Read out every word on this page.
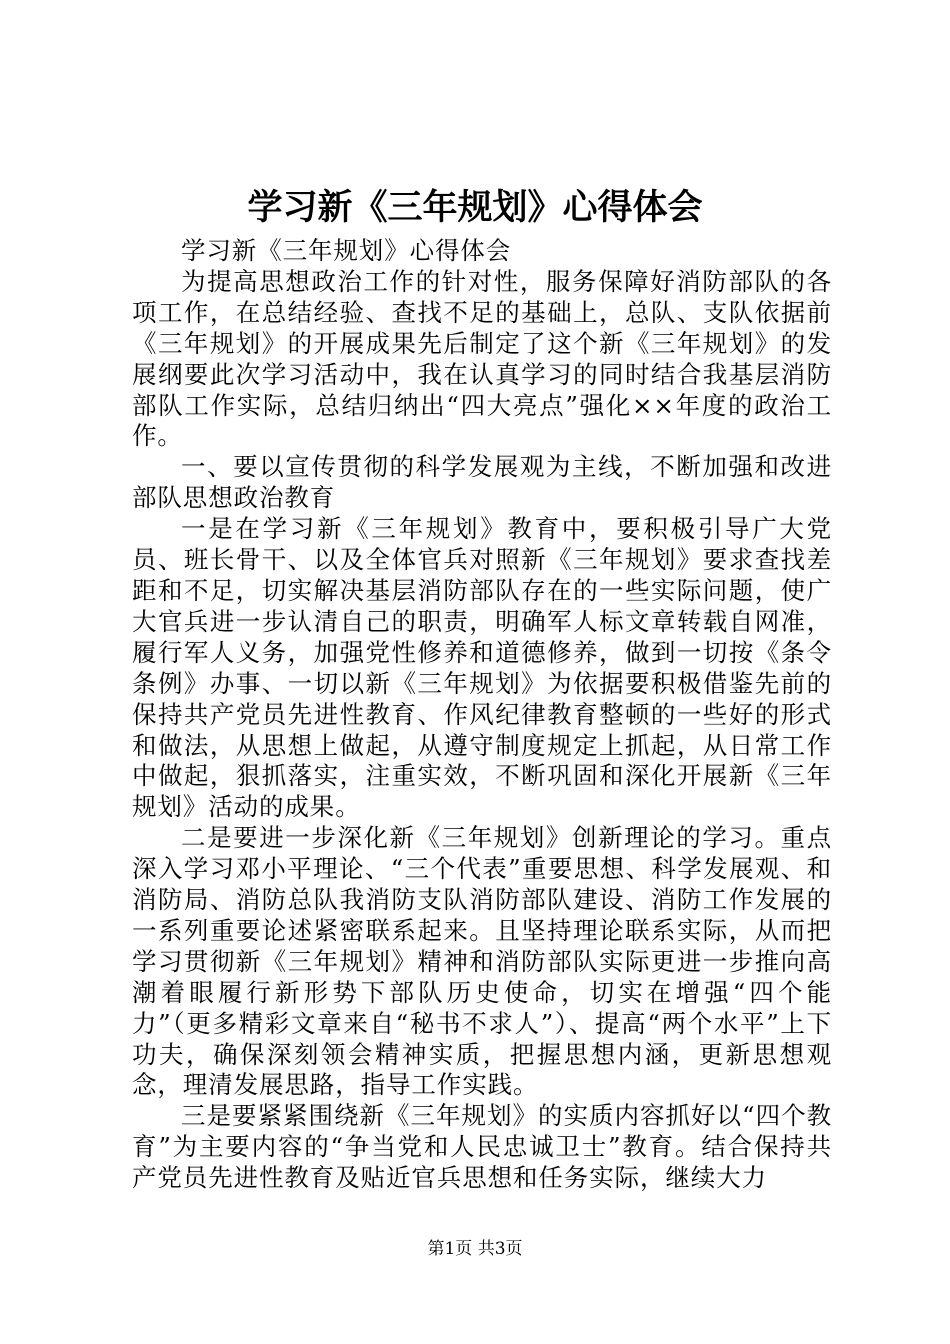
学习新《三年规划》心得体会

学习新《三年规划》心得体会

为提高思想政治工作的针对性，服务保障好消防部队的各项工作，在总结经验、查找不足的基础上，总队、支队依据前《三年规划》的开展成果先后制定了这个新《三年规划》的发展纲要此次学习活动中，我在认真学习的同时结合我基层消防部队工作实际，总结归纳出“四大亮点”强化××年度的政治工作。

一、要以宣传贯彻的科学发展观为主线，不断加强和改进部队思想政治教育

一是在学习新《三年规划》教育中，要积极引导广大党员、班长骨干、以及全体官兵对照新《三年规划》要求查找差距和不足，切实解决基层消防部队存在的一些实际问题，使广大官兵进一步认清自己的职责，明确军人标文章转载自网准，履行军人义务，加强党性修养和道德修养，做到一切按《条令条例》办事、一切以新《三年规划》为依据要积极借鉴先前的保持共产党员先进性教育、作风纪律教育整顿的一些好的形式和做法，从思想上做起，从遵守制度规定上抓起，从日常工作中做起，狠抓落实，注重实效，不断巩固和深化开展新《三年规划》活动的成果。

二是要进一步深化新《三年规划》创新理论的学习。重点深入学习邓小平理论、“三个代表”重要思想、科学发展观、和消防局、消防总队我消防支队消防部队建设、消防工作发展的一系列重要论述紧密联系起来。且坚持理论联系实际，从而把学习贯彻新《三年规划》精神和消防部队实际更进一步推向高潮着眼履行新形势下部队历史使命，切实在增强“四个能力”（更多精彩文章来自“秘书不求人”）、提高“两个水平”上下功夫，确保深刻领会精神实质，把握思想内涵，更新思想观念，理清发展思路，指导工作实践。

三是要紧紧围绕新《三年规划》的实质内容抓好以“四个教育”为主要内容的“争当党和人民忠诚卫士”教育。结合保持共产党员先进性教育及贴近官兵思想和任务实际，继续大力

第1页 共3页
